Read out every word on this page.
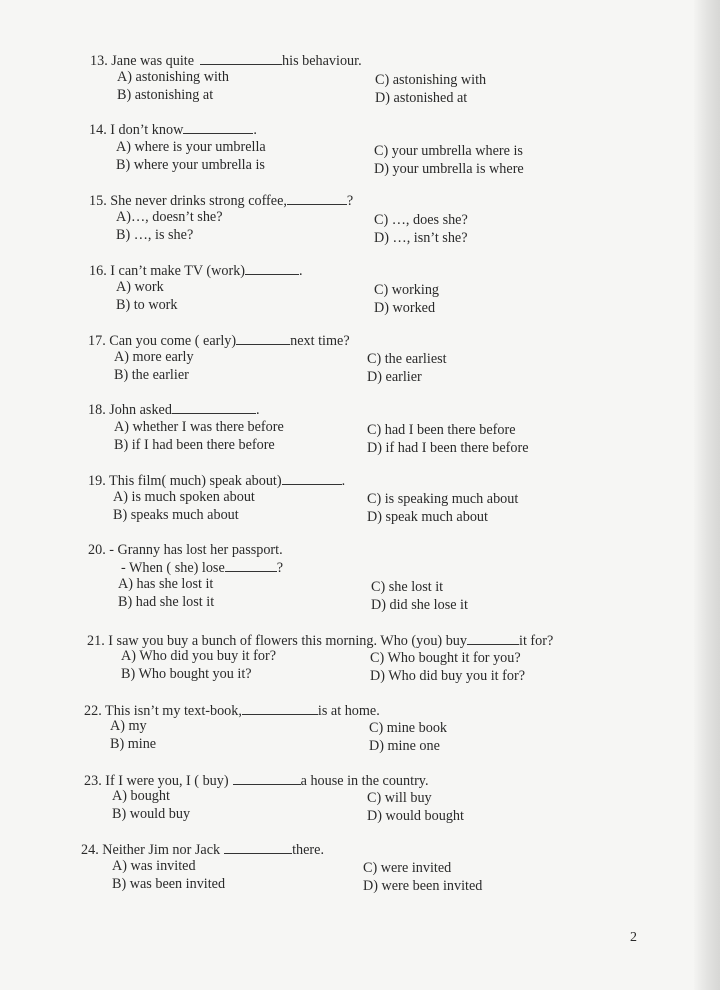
13. Jane was quite	his behaviour.
A) astonishing with
B) astonishing at
C) astonishing with
D) astonished at
14. I don’t know	.
A) where is your umbrella
B) where your umbrella is
C) your umbrella where is
D) your umbrella is where
15. She never drinks strong coffee,	?
A)…, doesn’t she?
B) …, is she?
C) …, does she?
D) …, isn’t she?
16. I can’t make TV (work)	.
A) work
B) to work
C) working
D) worked
17. Can you come ( early)	next time?
A) more early
B) the earlier
C) the earliest
D) earlier
18. John asked	.
A) whether I was there before
B) if I had been there before
C) had I been there before
D) if had I been there before
19. This film( much) speak about)	.
A) is much spoken about
B) speaks much about
C) is speaking much about
D) speak much about
20. - Granny has lost her passport.
- When ( she) lose	?
A) has she lost it
B) had she lost it
C) she lost it
D) did she lose it
21. I saw you buy a bunch of flowers this morning. Who (you) buy	it for?
A) Who did you buy it for?
B) Who bought you it?
C) Who bought it for you?
D) Who did buy you it for?
22. This isn’t my text-book,	is at home.
A) my
B) mine
C) mine book
D) mine one
23. If I were you, I ( buy)	a house in the country.
A) bought
B) would buy
C) will buy
D) would bought
24. Neither Jim nor Jack	there.
A) was invited
B) was been invited
C) were invited
D) were been invited
2
